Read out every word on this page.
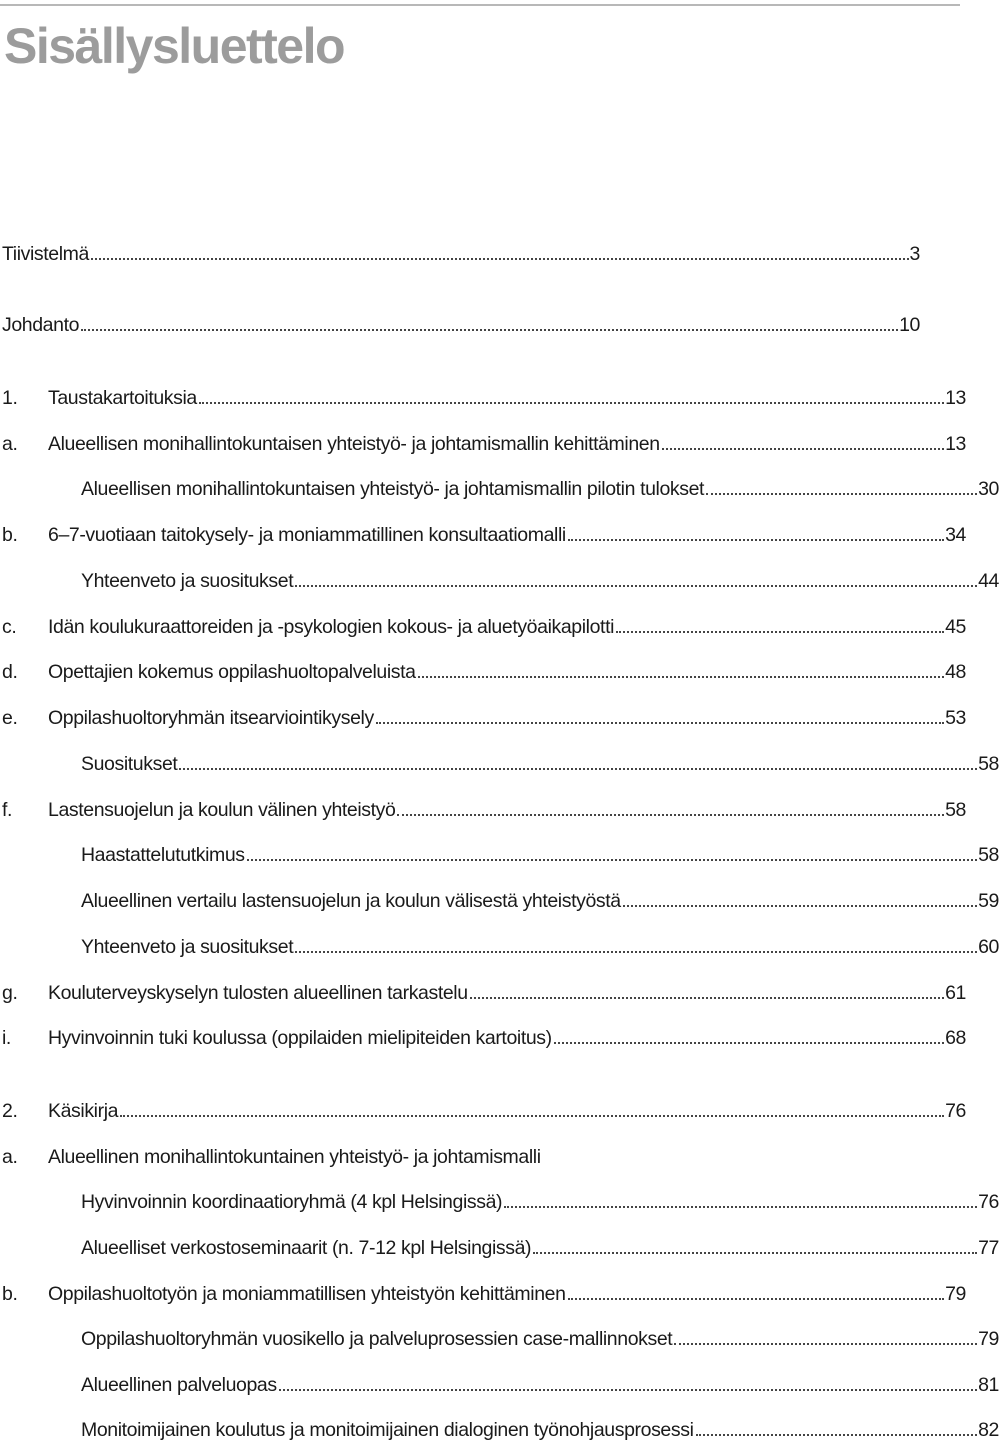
Sisällysluettelo
Tiivistelmä	3
Johdanto	10
1. Taustakartoituksia	13
a. Alueellisen monihallintokuntaisen yhteistyö- ja johtamismallin kehittäminen	13
Alueellisen monihallintokuntaisen yhteistyö- ja johtamismallin pilotin tulokset	30
b. 6–7-vuotiaan taitokysely- ja moniammatillinen konsultaatiomalli	34
Yhteenveto ja suositukset	44
c. Idän koulukuraattoreiden ja -psykologien kokous- ja aluetyöaikapilotti	45
d. Opettajien kokemus oppilashuoltopalveluista	48
e. Oppilashuoltoryhmän itsearviointikysely	53
Suositukset	58
f. Lastensuojelun ja koulun välinen yhteistyö	58
Haastattelututkimus	58
Alueellinen vertailu lastensuojelun ja koulun välisestä yhteistyöstä	59
Yhteenveto ja suositukset	60
g. Kouluterveyskyselyn tulosten alueellinen tarkastelu	61
i. Hyvinvoinnin tuki koulussa (oppilaiden mielipiteiden kartoitus)	68
2. Käsikirja	76
a. Alueellinen monihallintokuntainen yhteistyö- ja johtamismalli
Hyvinvoinnin koordinaatioryhmä (4 kpl Helsingissä)	76
Alueelliset verkostoseminaarit (n. 7-12 kpl Helsingissä)	77
b. Oppilashuoltotyön ja moniammatillisen yhteistyön kehittäminen	79
Oppilashuoltoryhmän vuosikello ja palveluprosessien case-mallinnokset	79
Alueellinen palveluopas	81
Monitoimijainen koulutus ja monitoimijainen dialoginen työnohjausprosessi	82
